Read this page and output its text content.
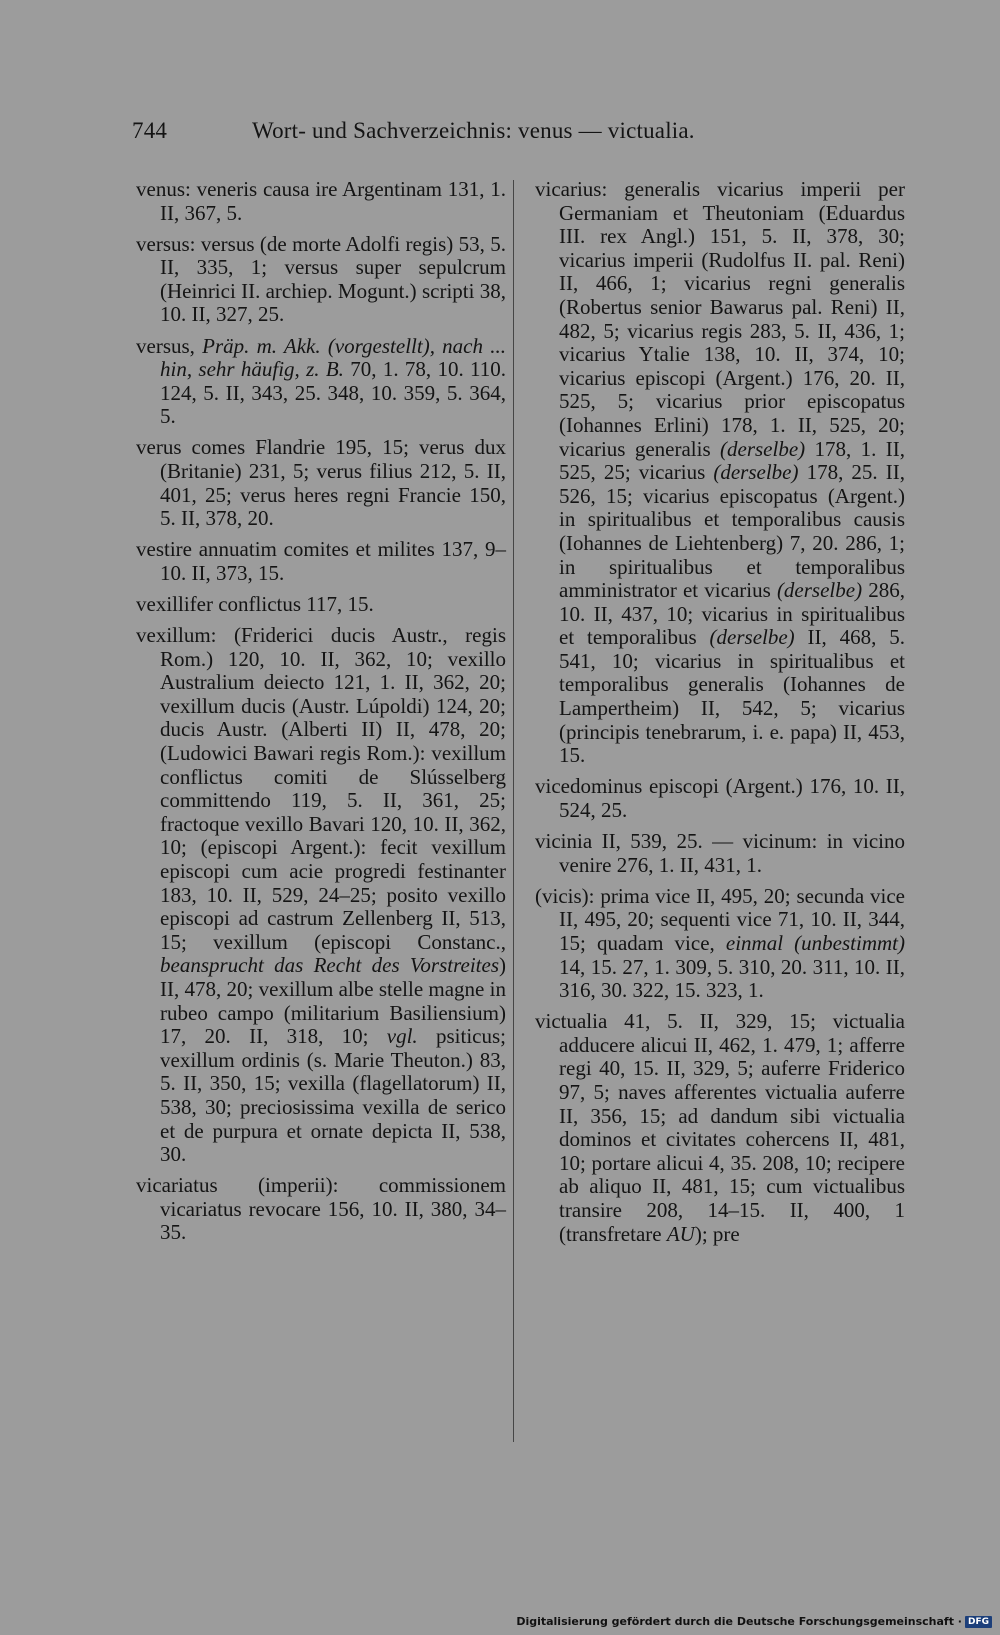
744	Wort- und Sachverzeichnis: venus — victualia.

venus: veneris causa ire Argentinam 131, 1. II, 367, 5.

versus: versus (de morte Adolfi regis) 53, 5. II, 335, 1; versus super sepulcrum (Heinrici II. archiep. Mogunt.) scripti 38, 10. II, 327, 25.

versus, Präp. m. Akk. (vorgestellt), nach ... hin, sehr häufig, z. B. 70, 1. 78, 10. 110. 124, 5. II, 343, 25. 348, 10. 359, 5. 364, 5.

verus comes Flandrie 195, 15; verus dux (Britanie) 231, 5; verus filius 212, 5. II, 401, 25; verus heres regni Francie 150, 5. II, 378, 20.

vestire annuatim comites et milites 137, 9–10. II, 373, 15.

vexillifer conflictus 117, 15.

vexillum: (Friderici ducis Austr., regis Rom.) 120, 10. II, 362, 10; vexillo Australium deiecto 121, 1. II, 362, 20; vexillum ducis (Austr. Lúpoldi) 124, 20; ducis Austr. (Alberti II) II, 478, 20; (Ludowici Bawari regis Rom.): vexillum conflictus comiti de Slússelberg committendo 119, 5. II, 361, 25; fractoque vexillo Bavari 120, 10. II, 362, 10; (episcopi Argent.): fecit vexillum episcopi cum acie progredi festinanter 183, 10. II, 529, 24–25; posito vexillo episcopi ad castrum Zellenberg II, 513, 15; vexillum (episcopi Constanc., beansprucht das Recht des Vorstreites) II, 478, 20; vexillum albe stelle magne in rubeo campo (militarium Basiliensium) 17, 20. II, 318, 10; vgl. psiticus; vexillum ordinis (s. Marie Theuton.) 83, 5. II, 350, 15; vexilla (flagellatorum) II, 538, 30; preciosissima vexilla de serico et de purpura et ornate depicta II, 538, 30.

vicariatus (imperii): commissionem vicariatus revocare 156, 10. II, 380, 34–35.

vicarius: generalis vicarius imperii per Germaniam et Theutoniam (Eduardus III. rex Angl.) 151, 5. II, 378, 30; vicarius imperii (Rudolfus II. pal. Reni) II, 466, 1; vicarius regni generalis (Robertus senior Bawarus pal. Reni) II, 482, 5; vicarius regis 283, 5. II, 436, 1; vicarius Ytalie 138, 10. II, 374, 10; vicarius episcopi (Argent.) 176, 20. II, 525, 5; vicarius prior episcopatus (Iohannes Erlini) 178, 1. II, 525, 20; vicarius generalis (derselbe) 178, 1. II, 525, 25; vicarius (derselbe) 178, 25. II, 526, 15; vicarius episcopatus (Argent.) in spiritualibus et temporalibus causis (Iohannes de Liehtenberg) 7, 20. 286, 1; in spiritualibus et temporalibus amministrator et vicarius (derselbe) 286, 10. II, 437, 10; vicarius in spiritualibus et temporalibus (derselbe) II, 468, 5. 541, 10; vicarius in spiritualibus et temporalibus generalis (Iohannes de Lampertheim) II, 542, 5; vicarius (principis tenebrarum, i. e. papa) II, 453, 15.

vicedominus episcopi (Argent.) 176, 10. II, 524, 25.

vicinia II, 539, 25. — vicinum: in vicino venire 276, 1. II, 431, 1.

(vicis): prima vice II, 495, 20; secunda vice II, 495, 20; sequenti vice 71, 10. II, 344, 15; quadam vice, einmal (unbestimmt) 14, 15. 27, 1. 309, 5. 310, 20. 311, 10. II, 316, 30. 322, 15. 323, 1.

victualia 41, 5. II, 329, 15; victualia adducere alicui II, 462, 1. 479, 1; afferre regi 40, 15. II, 329, 5; auferre Friderico 97, 5; naves afferentes victualia auferre II, 356, 15; ad dandum sibi victualia dominos et civitates cohercens II, 481, 10; portare alicui 4, 35. 208, 10; recipere ab aliquo II, 481, 15; cum victualibus transire 208, 14–15. II, 400, 1 (transfretare AU); pre

Digitalisierung gefördert durch die Deutsche Forschungsgemeinschaft · DFG
